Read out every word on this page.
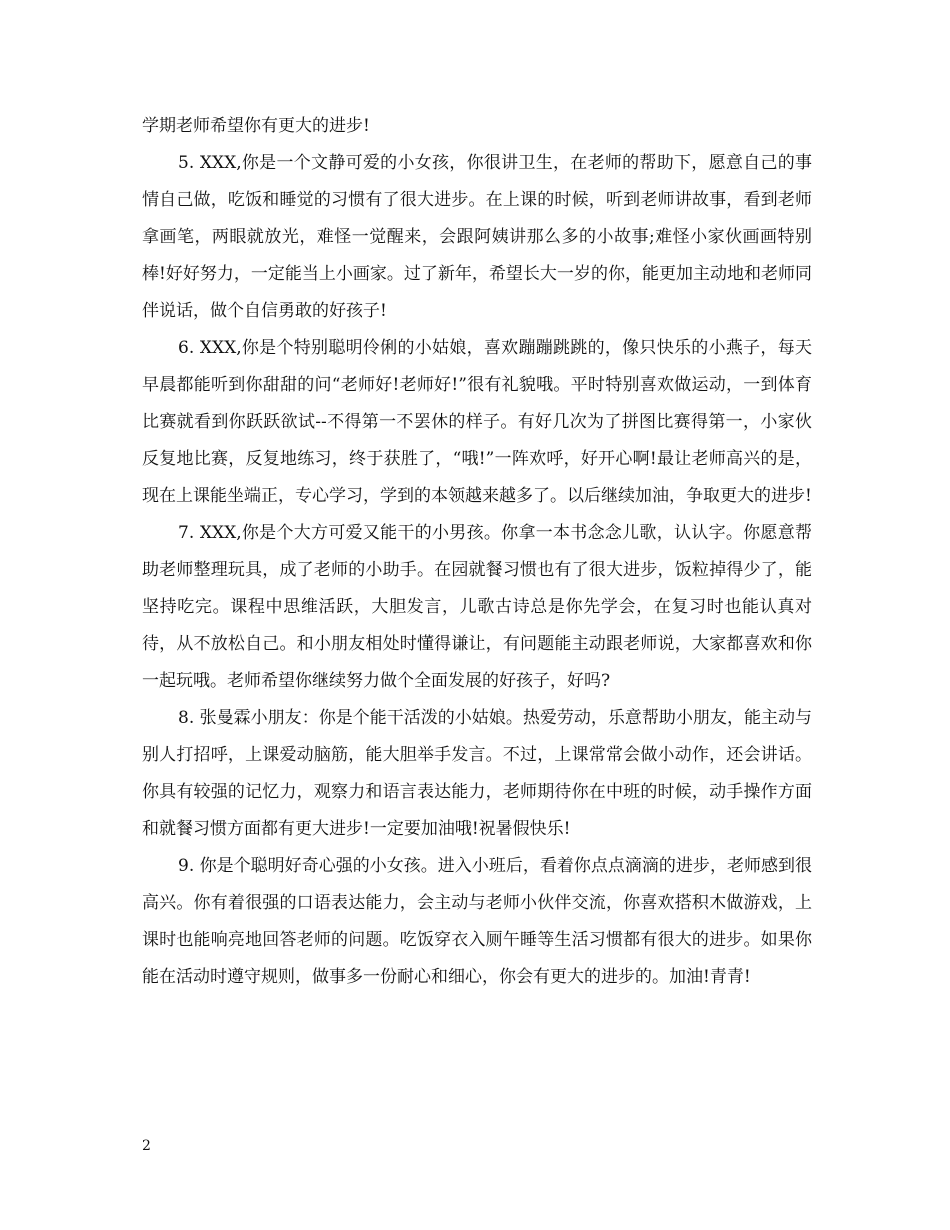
学期老师希望你有更大的进步!

5. XXX,你是一个文静可爱的小女孩，你很讲卫生，在老师的帮助下，愿意自己的事情自己做，吃饭和睡觉的习惯有了很大进步。在上课的时候，听到老师讲故事，看到老师拿画笔，两眼就放光，难怪一觉醒来，会跟阿姨讲那么多的小故事;难怪小家伙画画特别棒!好好努力，一定能当上小画家。过了新年，希望长大一岁的你，能更加主动地和老师同伴说话，做个自信勇敢的好孩子!

6. XXX,你是个特别聪明伶俐的小姑娘，喜欢蹦蹦跳跳的，像只快乐的小燕子，每天早晨都能听到你甜甜的问“老师好!老师好!”很有礼貌哦。平时特别喜欢做运动，一到体育比赛就看到你跃跃欲试--不得第一不罢休的样子。有好几次为了拼图比赛得第一，小家伙反复地比赛，反复地练习，终于获胜了，“哦!”一阵欢呼，好开心啊!最让老师高兴的是，现在上课能坐端正，专心学习，学到的本领越来越多了。以后继续加油，争取更大的进步!

7. XXX,你是个大方可爱又能干的小男孩。你拿一本书念念儿歌，认认字。你愿意帮助老师整理玩具，成了老师的小助手。在园就餐习惯也有了很大进步，饭粒掉得少了，能坚持吃完。课程中思维活跃，大胆发言，儿歌古诗总是你先学会，在复习时也能认真对待，从不放松自己。和小朋友相处时懂得谦让，有问题能主动跟老师说，大家都喜欢和你一起玩哦。老师希望你继续努力做个全面发展的好孩子，好吗?

8. 张曼霖小朋友：你是个能干活泼的小姑娘。热爱劳动，乐意帮助小朋友，能主动与别人打招呼，上课爱动脑筋，能大胆举手发言。不过，上课常常会做小动作，还会讲话。你具有较强的记忆力，观察力和语言表达能力，老师期待你在中班的时候，动手操作方面和就餐习惯方面都有更大进步!一定要加油哦!祝暑假快乐!

9. 你是个聪明好奇心强的小女孩。进入小班后，看着你点点滴滴的进步，老师感到很高兴。你有着很强的口语表达能力，会主动与老师小伙伴交流，你喜欢搭积木做游戏，上课时也能响亮地回答老师的问题。吃饭穿衣入厕午睡等生活习惯都有很大的进步。如果你能在活动时遵守规则，做事多一份耐心和细心，你会有更大的进步的。加油!青青!

2
